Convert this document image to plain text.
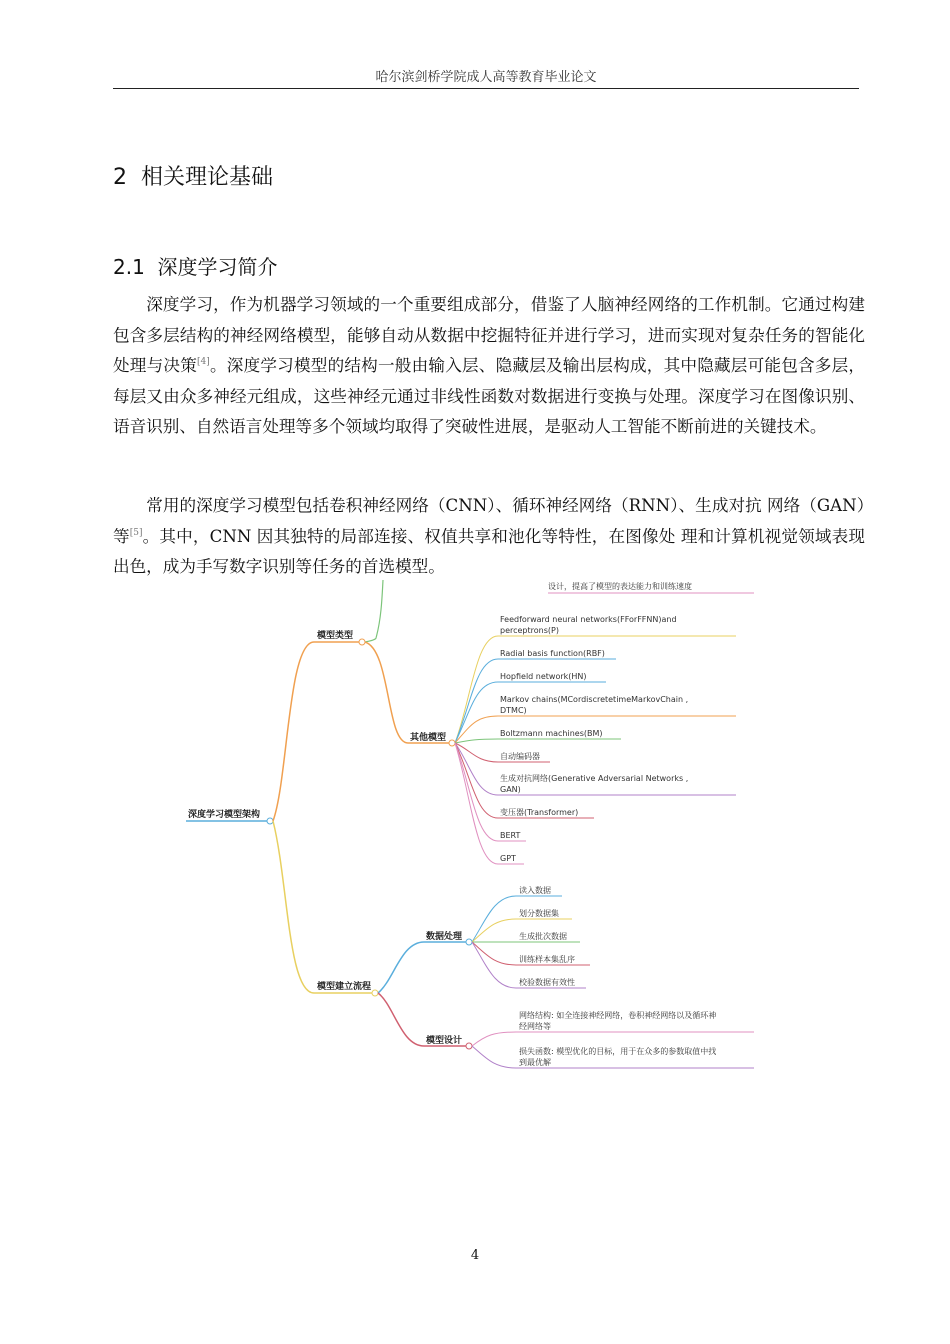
哈尔滨剑桥学院成人高等教育毕业论文
2 相关理论基础
2.1 深度学习简介

深度学习，作为机器学习领域的一个重要组成部分，借鉴了人脑神经网络的工作机制。它通过构建包含多层结构的神经网络模型，能够自动从数据中挖掘特征并进行学习，进而实现对复杂任务的智能化处理与决策[4]。深度学习模型的结构一般由输入层、隐藏层及输出层构成，其中隐藏层可能包含多层，每层又由众多神经元组成，这些神经元通过非线性函数对数据进行变换与处理。深度学习在图像识别、语音识别、自然语言处理等多个领域均取得了突破性进展，是驱动人工智能不断前进的关键技术。

常用的深度学习模型包括卷积神经网络（CNN）、循环神经网络（RNN）、生成对抗 网络（GAN）等[5]。其中，CNN 因其独特的局部连接、权值共享和池化等特性，在图像处 理和计算机视觉领域表现出色，成为手写数字识别等任务的首选模型。

设计，提高了模型的表达能力和训练速度
深度学习模型架构
模型类型
其他模型
Feedforward neural networks(FForFFNN)and
perceptrons(P)
Radial basis function(RBF)
Hopfield network(HN)
Markov chains(MCordiscretetimeMarkovChain ,
DTMC)
Boltzmann machines(BM)
自动编码器
生成对抗网络(Generative Adversarial Networks ,
GAN)
变压器(Transformer)
BERT
GPT
模型建立流程
数据处理
读入数据
划分数据集
生成批次数据
训练样本集乱序
校验数据有效性
模型设计
网络结构: 如全连接神经网络，卷积神经网络以及循环神
经网络等
损失函数: 模型优化的目标，用于在众多的参数取值中找
到最优解
4
